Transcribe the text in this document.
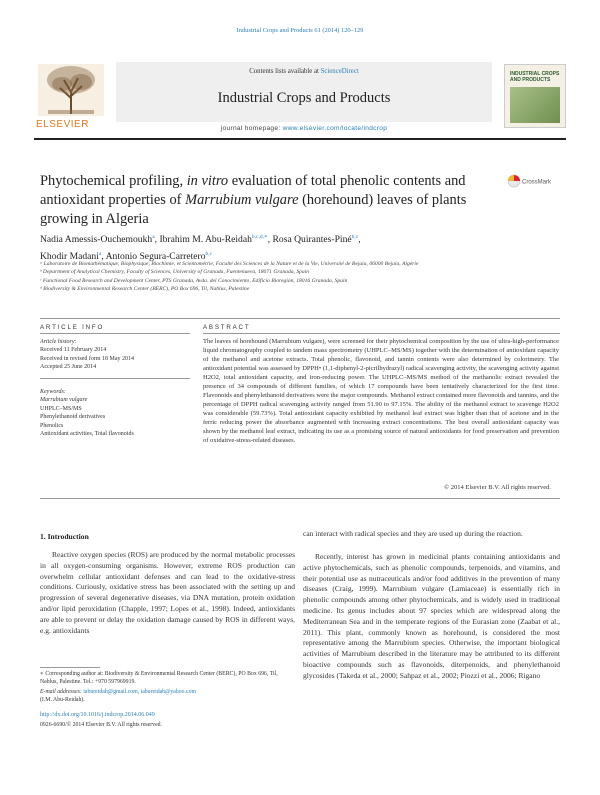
Industrial Crops and Products 61 (2014) 120–129
ELSEVIER
Contents lists available at ScienceDirect
Industrial Crops and Products
journal homepage: www.elsevier.com/locate/indcrop
INDUSTRIAL CROPS AND PRODUCTS
Phytochemical profiling, in vitro evaluation of total phenolic contents and antioxidant properties of Marrubium vulgare (horehound) leaves of plants growing in Algeria
CrossMark
Nadia Amessis-Ouchemoukh$^a$, Ibrahim M. Abu-Reidah$^{b,c,d,∗}$, Rosa Quirantes-Piné$^{b,c}$,
Khodir Madani$^a$, Antonio Segura-Carretero$^{b,c}$
ᵃ Laboratoire de Biomathématique, Biophysique, Biochimie, et Scientométrie, Faculté des Sciences de la Nature et de la Vie, Université de Bejaia, 06000 Bejaia, Algérie
ᵇ Department of Analytical Chemistry, Faculty of Sciences, University of Granada, Fuentenueva, 18071 Granada, Spain
ᶜ Functional Food Research and Development Center, PTS Granada, Avda. del Conocimiento, Edificio Bioregión, 18016 Granada, Spain
ᵈ Biodiversity & Environmental Research Center (BERC), PO Box 696, Til, Nablus, Palestine
ARTICLE INFO	ABSTRACT
Article history:
Received 11 February 2014
Received in revised form 18 May 2014
Accepted 25 June 2014
Keywords:
Marrubium vulgare
UHPLC–MS/MS
Phenylethanoid derivatives
Phenolics
Antioxidant activities, Total flavonoids
The leaves of horehound (Marrubium vulgare), were screened for their phytochemical composition by the use of ultra-high-performance liquid chromatography coupled to tandem mass spectrometry (UHPLC–MS/MS) together with the determination of antioxidant capacity of the methanol and acetone extracts. Total phenolic, flavonoid, and tannin contents were also determined by colorimetry. The antioxidant potential was assessed by DPPH• (1,1-diphenyl-2-picrilhydrazyl) radical scavenging activity, the scavenging activity against H2O2, total antioxidant capacity, and iron-reducing power. The UHPLC–MS/MS method of the methanolic extract revealed the presence of 34 compounds of different families, of which 17 compounds have been tentatively characterized for the first time. Flavonoids and phenylethanoid derivatives were the major compounds. Methanol extract contained more flavonoids and tannins, and the percentage of DPPH radical scavenging activity ranged from 51.90 to 97.15%. The ability of the methanol extract to scavenge H2O2 was considerable (59.73%). Total antioxidant capacity exhibited by methanol leaf extract was higher than that of acetone and in the ferric reducing power the absorbance augmented with increasing extract concentrations. The best overall antioxidant capacity was shown by the methanol leaf extract, indicating its use as a promising source of natural antioxidants for food preservation and prevention of oxidative-stress-related diseases.
© 2014 Elsevier B.V. All rights reserved.
1. Introduction
Reactive oxygen species (ROS) are produced by the normal metabolic processes in all oxygen-consuming organisms. However, extreme ROS production can overwhelm cellular antioxidant defenses and can lead to the oxidative-stress conditions. Curiously, oxidative stress has been associated with the setting up and progression of several degenerative diseases, via DNA mutation, protein oxidation and/or lipid peroxidation (Chapple, 1997; Lopes et al., 1998). Indeed, antioxidants are able to prevent or delay the oxidation damage caused by ROS in different ways, e.g. antioxidants
can interact with radical species and they are used up during the reaction.
Recently, interest has grown in medicinal plants containing antioxidants and active phytochemicals, such as phenolic compounds, terpenoids, and vitamins, and their potential use as nutraceuticals and/or food additives in the prevention of many diseases (Craig, 1999). Marrubium vulgare (Lamiaceae) is essentially rich in phenolic compounds among other phytochemicals, and is widely used in traditional medicine. Its genus includes about 97 species which are widespread along the Mediterranean Sea and in the temperate regions of the Eurasian zone (Zaabat et al., 2011). This plant, commonly known as horehound, is considered the most representative among the Marrubium species. Otherwise, the important biological activities of Marrubium described in the literature may be attributed to its different bioactive compounds such as flavonoids, diterpenoids, and phenylethanoid glycosides (Takeda et al., 2000; Sahpaz et al., 2002; Piozzi et al., 2006; Rigano
∗ Corresponding author at: Biodiversity & Environmental Research Center (BERC), PO Box 696, Til, Nablus, Palestine. Tel.: +970 597969919.
E-mail addresses: iabureidah@gmail.com, iabureidah@yahoo.com
(I.M. Abu-Reidah).
http://dx.doi.org/10.1016/j.indcrop.2014.06.049
0926-6690/© 2014 Elsevier B.V. All rights reserved.
